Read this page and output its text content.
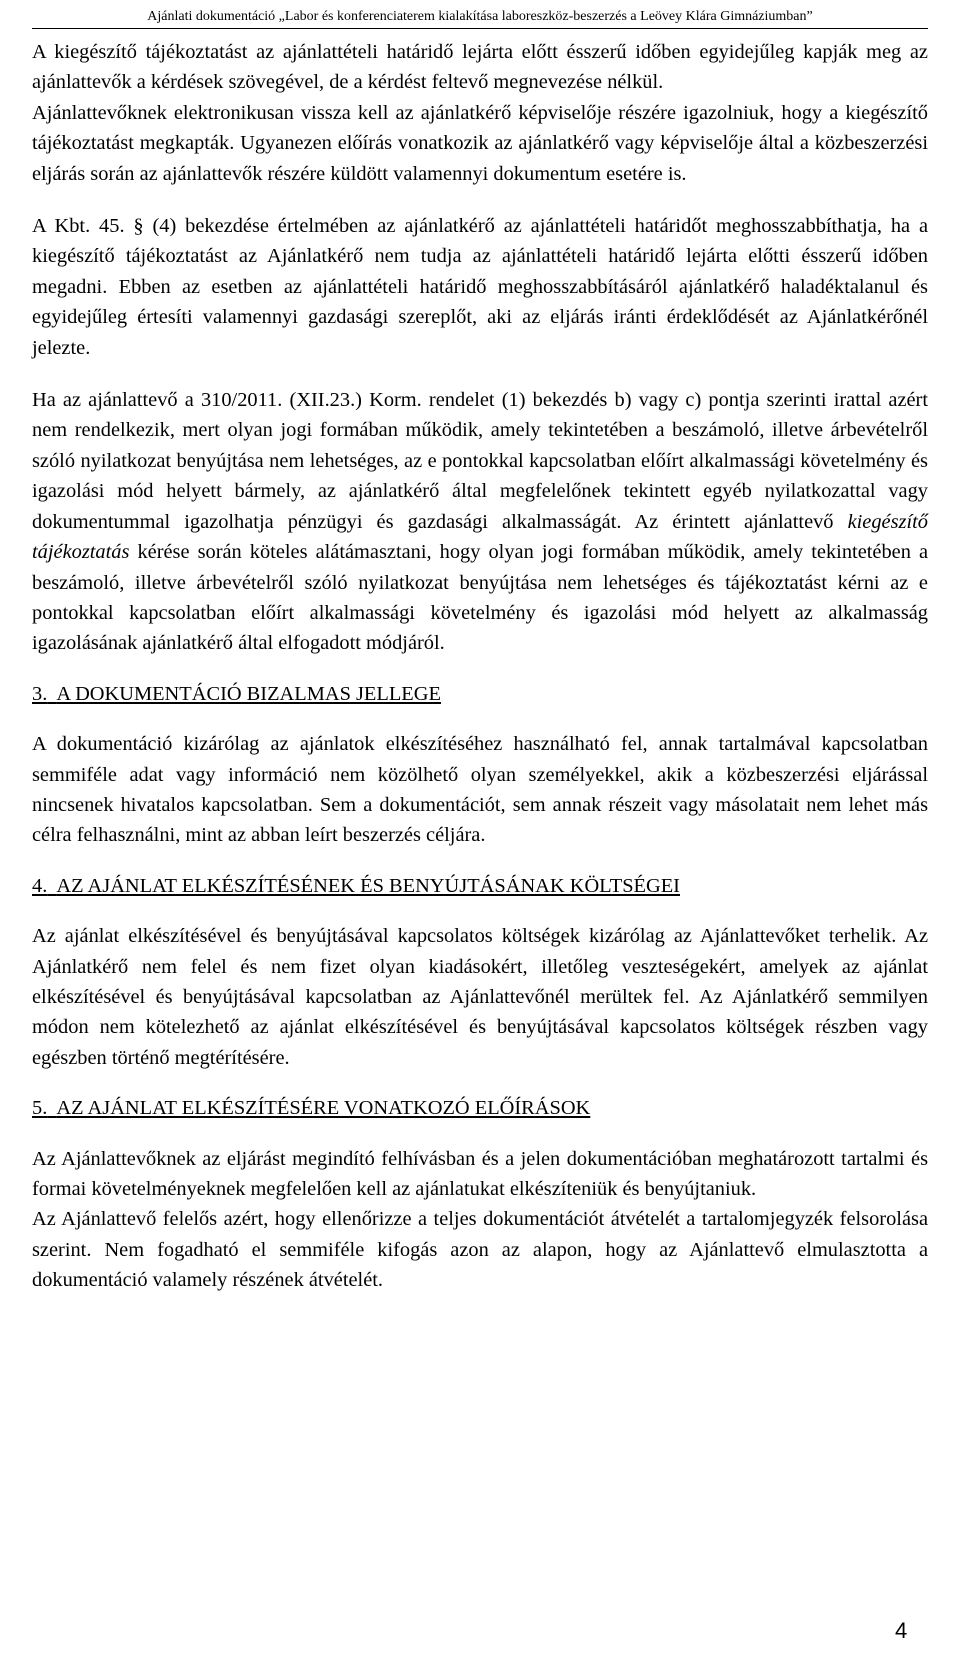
Ajánlati dokumentáció „Labor és konferenciaterem kialakítása laboreszköz-beszerzés a Leövey Klára Gimnáziumban”

A kiegészítő tájékoztatást az ajánlattételi határidő lejárta előtt ésszerű időben egyidejűleg kapják meg az ajánlattevők a kérdések szövegével, de a kérdést feltevő megnevezése nélkül.

Ajánlattevőknek elektronikusan vissza kell az ajánlatkérő képviselője részére igazolniuk, hogy a kiegészítő tájékoztatást megkapták. Ugyanezen előírás vonatkozik az ajánlatkérő vagy képviselője által a közbeszerzési eljárás során az ajánlattevők részére küldött valamennyi dokumentum esetére is.

A Kbt. 45. § (4) bekezdése értelmében az ajánlatkérő az ajánlattételi határidőt meghosszabbíthatja, ha a kiegészítő tájékoztatást az Ajánlatkérő nem tudja az ajánlattételi határidő lejárta előtti ésszerű időben megadni. Ebben az esetben az ajánlattételi határidő meghosszabbításáról ajánlatkérő haladéktalanul és egyidejűleg értesíti valamennyi gazdasági szereplőt, aki az eljárás iránti érdeklődését az Ajánlatkérőnél jelezte.

Ha az ajánlattevő a 310/2011. (XII.23.) Korm. rendelet (1) bekezdés b) vagy c) pontja szerinti irattal azért nem rendelkezik, mert olyan jogi formában működik, amely tekintetében a beszámoló, illetve árbevételről szóló nyilatkozat benyújtása nem lehetséges, az e pontokkal kapcsolatban előírt alkalmassági követelmény és igazolási mód helyett bármely, az ajánlatkérő által megfelelőnek tekintett egyéb nyilatkozattal vagy dokumentummal igazolhatja pénzügyi és gazdasági alkalmasságát. Az érintett ajánlattevő kiegészítő tájékoztatás kérése során köteles alátámasztani, hogy olyan jogi formában működik, amely tekintetében a beszámoló, illetve árbevételről szóló nyilatkozat benyújtása nem lehetséges és tájékoztatást kérni az e pontokkal kapcsolatban előírt alkalmassági követelmény és igazolási mód helyett az alkalmasság igazolásának ajánlatkérő által elfogadott módjáról.

3. A DOKUMENTÁCIÓ BIZALMAS JELLEGE

A dokumentáció kizárólag az ajánlatok elkészítéséhez használható fel, annak tartalmával kapcsolatban semmiféle adat vagy információ nem közölhető olyan személyekkel, akik a közbeszerzési eljárással nincsenek hivatalos kapcsolatban. Sem a dokumentációt, sem annak részeit vagy másolatait nem lehet más célra felhasználni, mint az abban leírt beszerzés céljára.

4. AZ AJÁNLAT ELKÉSZÍTÉSÉNEK ÉS BENYÚJTÁSÁNAK KÖLTSÉGEI

Az ajánlat elkészítésével és benyújtásával kapcsolatos költségek kizárólag az Ajánlattevőket terhelik. Az Ajánlatkérő nem felel és nem fizet olyan kiadásokért, illetőleg veszteségekért, amelyek az ajánlat elkészítésével és benyújtásával kapcsolatban az Ajánlattevőnél merültek fel. Az Ajánlatkérő semmilyen módon nem kötelezhető az ajánlat elkészítésével és benyújtásával kapcsolatos költségek részben vagy egészben történő megtérítésére.

5. AZ AJÁNLAT ELKÉSZÍTÉSÉRE VONATKOZÓ ELŐÍRÁSOK

Az Ajánlattevőknek az eljárást megindító felhívásban és a jelen dokumentációban meghatározott tartalmi és formai követelményeknek megfelelően kell az ajánlatukat elkészíteniük és benyújtaniuk.

Az Ajánlattevő felelős azért, hogy ellenőrizze a teljes dokumentációt átvételét a tartalomjegyzék felsorolása szerint. Nem fogadható el semmiféle kifogás azon az alapon, hogy az Ajánlattevő elmulasztotta a dokumentáció valamely részének átvételét.

4
